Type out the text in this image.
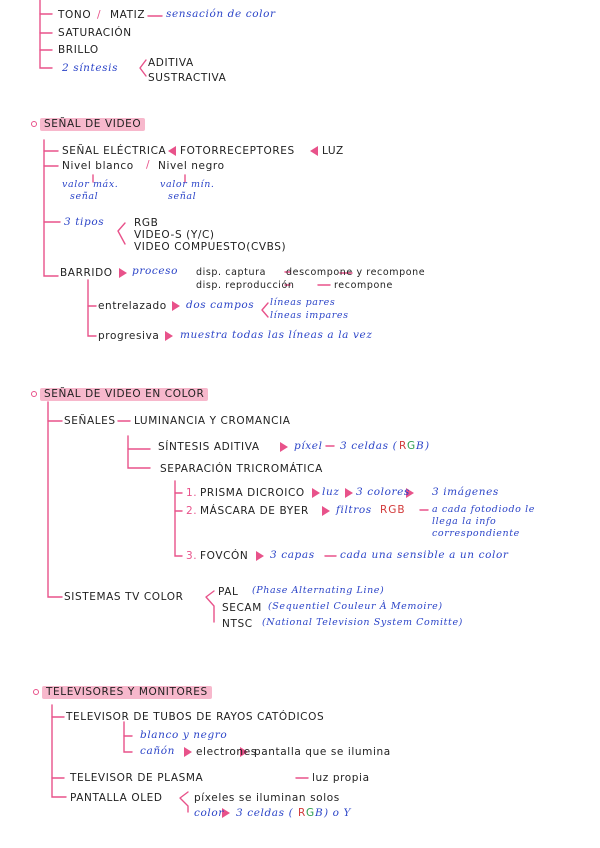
TONO / MATIZ sensación de color
SATURACIÓN
BRILLO
2 síntesis	ADITIVA
SUSTRACTIVA
SEÑAL DE VIDEO
SEÑAL ELÉCTRICA FOTORRECEPTORES	LUZ
Nivel blanco / Nivel negro
valor máx.
señal
valor mín.
señal
3 tipos	RGB
VIDEO-S (Y/C)
VIDEO COMPUESTO(CVBS)
BARRIDO proceso disp. captura descompone y recompone
disp. reproducción	recompone
entrelazado dos campos líneas pares
líneas impares
progresiva muestra todas las líneas a la vez
SEÑAL DE VIDEO EN COLOR
SEÑALES LUMINANCIA Y CROMANCIA
SÍNTESIS ADITIVA	píxel 3 celdas ( R G B )
SEPARACIÓN TRICROMÁTICA
1. PRISMA DICROICO luz 3 colores 3 imágenes
2. MÁSCARA DE BYER	filtros RGB	a cada fotodiodo le
llega la info
correspondiente
3. FOVCÓN 3 capas cada una sensible a un color
SISTEMAS TV COLOR	PAL (Phase Alternating Line)
SECAM (Sequentiel Couleur À Memoire)
NTSC (National Television System Comitte)
TELEVISORES Y MONITORES
TELEVISOR DE TUBOS DE RAYOS CATÓDICOS
blanco y negro
cañón electrones
pantalla que se ilumina
TELEVISOR DE PLASMA	luz propia
PANTALLA OLED	píxeles se iluminan solos
color 3 celdas ( R G B ) o Y
